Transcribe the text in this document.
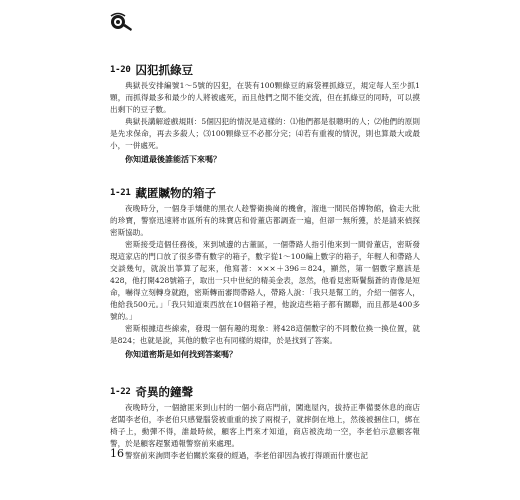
1-20 囚犯抓綠豆

典獄長安排編號1～5號的囚犯，在裝有100顆綠豆的麻袋裡抓綠豆，規定每人至少抓1顆，而抓得最多和最少的人將被處死，而且他們之間不能交流，但在抓綠豆的同時，可以摸出剩下的豆子數。

典獄長講解遊戲規則：5個囚犯的情況是這樣的：⑴他們都是很聰明的人；⑵他們的原則是先求保命，再去多殺人；⑶100顆綠豆不必都分完；⑷若有重複的情況，則也算最大或最小，一併處死。

你知道最後誰能活下來嗎？

1-21 藏匿贓物的箱子

夜晚時分，一個身手矯健的黑衣人趁警衛換崗的機會，溜進一間民俗博物館，偷走大批的珍寶，警察迅速將市區所有的珠寶店和骨董店都調查一遍，但卻一無所獲，於是請來偵探密斯協助。

密斯接受這個任務後，來到城邊的古董區，一個帶路人指引他來到一間骨董店，密斯發現這家店的門口放了很多帶有數字的箱子，數字從1～100編上數字的箱子，年輕人和帶路人交談幾句，就說出箏算了起來，他寫著：×××＋396＝824，顯然，第一個數字應該是428，他打開428號箱子，取出一只中世紀的精美金表，忽然，他看見密斯鬢鬍蒼的青像是短命，嚇得立刻轉身就跑，密斯轉而審問帶路人，帶路人說：「我只是幫工的，介紹一個客人，他給我500元。」「我只知道東西放在10個箱子裡，他說這些箱子都有關聯，而且都是400多號的。」

密斯根據這些線索，發現一個有趣的現象：將428這個數字的不同數位換一換位置，就是824；也就是說，其他的數字也有同樣的規律，於是找到了答案。

你知道密斯是如何找到答案嗎？

1-22 奇異的鐘聲

夜晚時分，一個搶匪來到山村的一個小商店門前，闖進屋內，拔持正準備要休息的商店老闆李老伯，李老伯只感覺腦袋被重重的挨了兩棍子，就摔倒在地上，然後被捆住口，綁在椅子上，動彈不得，誰最時候，顧客上門來才知道，商店被洗劫一空，李老伯示意顧客報警，於是顧客趕緊通報警察前來處理。

警察前來詢問李老伯關於案發的經過，李老伯卻因為被打得頭而什麼也記

16
